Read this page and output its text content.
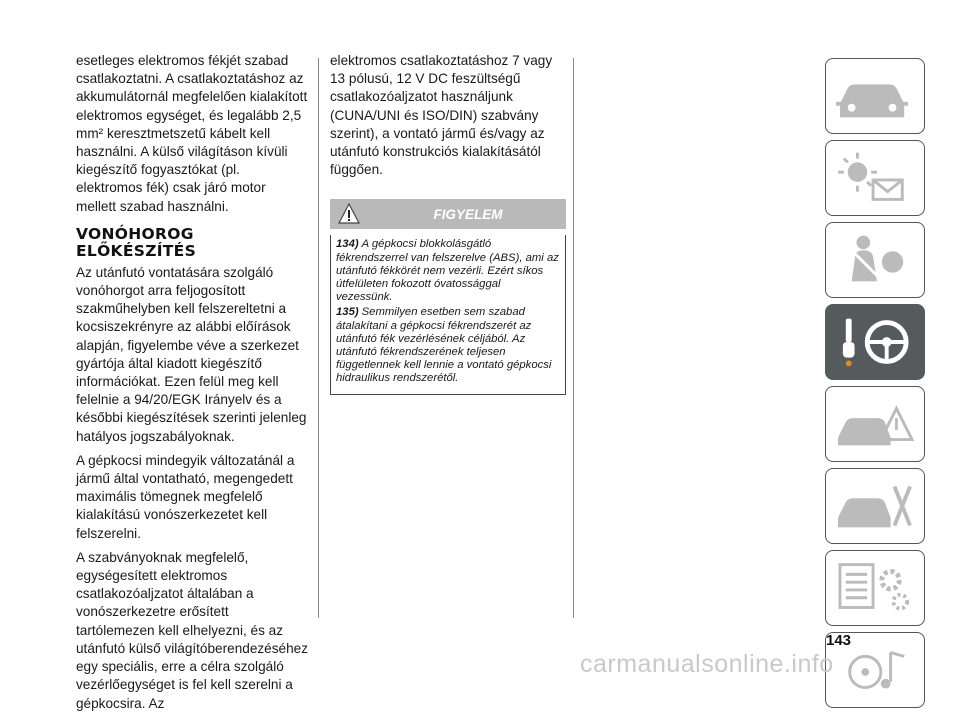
esetleges elektromos fékjét szabad csatlakoztatni. A csatlakoztatáshoz az akkumulátornál megfelelően kialakított elektromos egységet, és legalább 2,5 mm² keresztmetszetű kábelt kell használni. A külső világításon kívüli kiegészítő fogyasztókat (pl. elektromos fék) csak járó motor mellett szabad használni.

VONÓHOROG
ELŐKÉSZÍTÉS

Az utánfutó vontatására szolgáló vonóhorgot arra feljogosított szakműhelyben kell felszereltetni a kocsiszekrényre az alábbi előírások alapján, figyelembe véve a szerkezet gyártója által kiadott kiegészítő információkat. Ezen felül meg kell felelnie a 94/20/EGK Irányelv és a későbbi kiegészítések szerinti jelenleg hatályos jogszabályoknak.

A gépkocsi mindegyik változatánál a jármű által vontatható, megengedett maximális tömegnek megfelelő kialakítású vonószerkezetet kell felszerelni.

A szabványoknak megfelelő, egységesített elektromos csatlakozóaljzatot általában a vonószerkezetre erősített tartólemezen kell elhelyezni, és az utánfutó külső világítóberendezéséhez egy speciális, erre a célra szolgáló vezérlőegységet is fel kell szerelni a gépkocsira. Az

elektromos csatlakoztatáshoz 7 vagy 13 pólusú, 12 V DC feszültségű csatlakozóaljzatot használjunk (CUNA/UNI és ISO/DIN) szabvány szerint), a vontató jármű és/vagy az utánfutó konstrukciós kialakításától függően.

FIGYELEM
134) A gépkocsi blokkolásgátló fékrendszerrel van felszerelve (ABS), ami az utánfutó fékkörét nem vezérli. Ezért síkos útfelületen fokozott óvatossággal vezessünk.
135) Semmilyen esetben sem szabad átalakítani a gépkocsi fékrendszerét az utánfutó fék vezérlésének céljából. Az utánfutó fékrendszerének teljesen függetlennek kell lennie a vontató gépkocsi hidraulikus rendszerétől.
143
carmanualsonline.info
